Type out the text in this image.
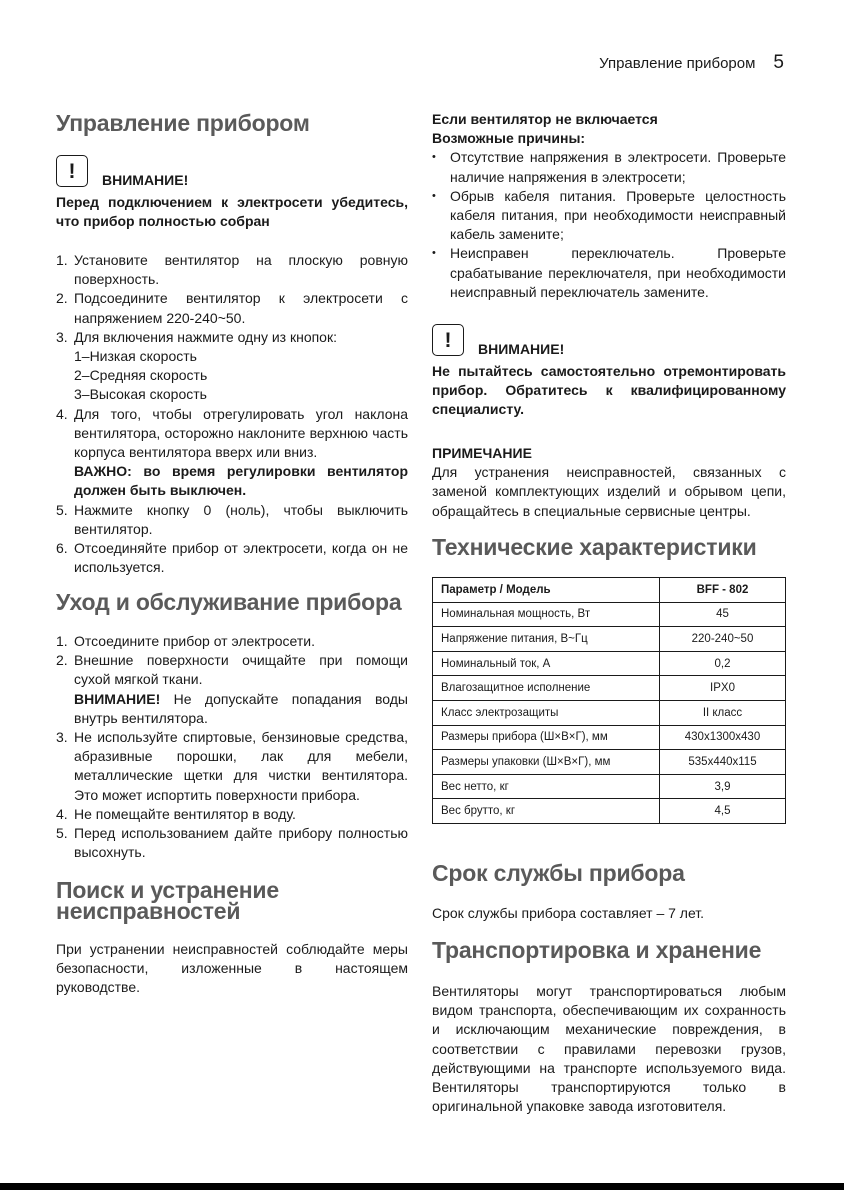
Управление прибором 5
Управление прибором
!	ВНИМАНИЕ!

Перед подключением к электросети убедитесь, что прибор полностью собран

1. Установите вентилятор на плоскую ровную поверхность.
2. Подсоедините вентилятор к электросети с напряжением 220-240~50.
3. Для включения нажмите одну из кнопок:
1–Низкая скорость
2–Средняя скорость
3–Высокая скорость
4. Для того, чтобы отрегулировать угол наклона вентилятора, осторожно наклоните верхнюю часть корпуса вентилятора вверх или вниз.
ВАЖНО: во время регулировки вентилятор должен быть выключен.
5. Нажмите кнопку 0 (ноль), чтобы выключить вентилятор.
6. Отсоединяйте прибор от электросети, когда он не используется.
Уход и обслуживание прибора
1. Отсоедините прибор от электросети.
2. Внешние поверхности очищайте при помощи сухой мягкой ткани.
ВНИМАНИЕ! Не допускайте попадания воды внутрь вентилятора.
3. Не используйте спиртовые, бензиновые средства, абразивные порошки, лак для мебели, металлические щетки для чистки вентилятора. Это может испортить поверхности прибора.
4. Не помещайте вентилятор в воду.
5. Перед использованием дайте прибору полностью высохнуть.
Поиск и устранение
неисправностей

При устранении неисправностей соблюдайте меры безопасности, изложенные в настоящем руководстве.

Если вентилятор не включается

Возможные причины:

• Отсутствие напряжения в электросети. Проверьте наличие напряжения в электросети;
• Обрыв кабеля питания. Проверьте целостность кабеля питания, при необходимости неисправный кабель замените;
• Неисправен переключатель. Проверьте срабатывание переключателя, при необходимости неисправный переключатель замените.
!	ВНИМАНИЕ!

Не пытайтесь самостоятельно отремонтировать прибор. Обратитесь к квалифицированному специалисту.

ПРИМЕЧАНИЕ

Для устранения неисправностей, связанных с заменой комплектующих изделий и обрывом цепи, обращайтесь в специальные сервисные центры.

Технические характеристики
Параметр / Модель	BFF - 802
Номинальная мощность, Вт	45
Напряжение питания, В~Гц	220-240~50
Номинальный ток, А	0,2
Влагозащитное исполнение	IPX0
Класс электрозащиты	II класс
Размеры прибора (Ш×В×Г), мм	430x1300x430
Размеры упаковки (Ш×В×Г), мм	535x440x115
Вес нетто, кг	3,9
Вес брутто, кг	4,5
Срок службы прибора

Срок службы прибора составляет – 7 лет.

Транспортировка и хранение

Вентиляторы могут транспортироваться любым видом транспорта, обеспечивающим их сохранность и исключающим механические повреждения, в соответствии с правилами перевозки грузов, действующими на транспорте используемого вида. Вентиляторы транспортируются только в оригинальной упаковке завода изготовителя.
